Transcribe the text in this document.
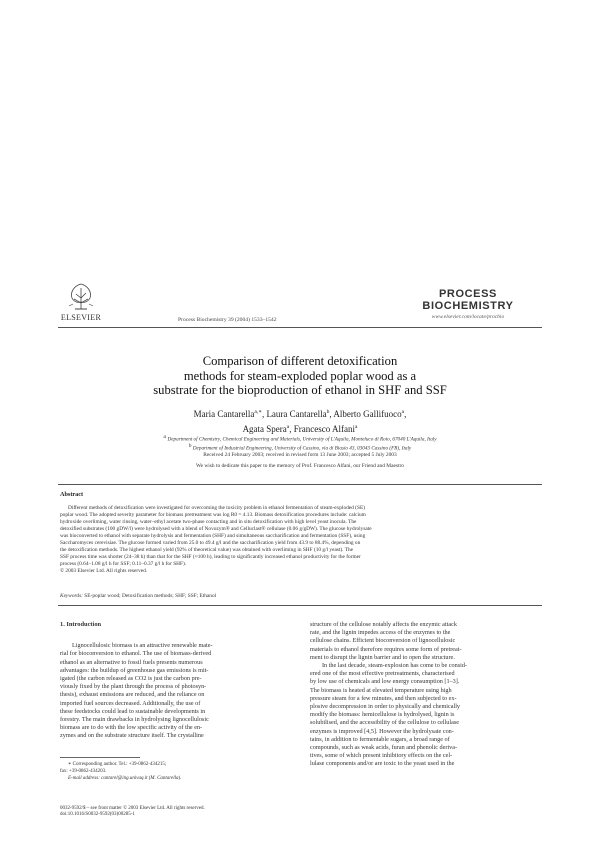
ELSEVIER	Process Biochemistry 39 (2004) 1533–1542
PROCESS
BIOCHEMISTRY
www.elsevier.com/locate/procbio
Comparison of different detoxification
methods for steam-exploded poplar wood as a
substrate for the bioproduction of ethanol in SHF and SSF
Maria Cantarella$^{a,∗}$, Laura Cantarella$^b$, Alberto Gallifuoco$^a$,
Agata Spera$^a$, Francesco Alfani$^a$
$^a$ Department of Chemistry, Chemical Engineering and Materials, University of L'Aquila, Monteluco di Roio, 67040 L'Aquila, Italy
$^b$ Department of Industrial Engineering, University of Cassino, via di Biasio 43, 03043 Cassino (FR), Italy
Received 24 February 2003; received in revised form 13 June 2003; accepted 5 July 2003
We wish to dedicate this paper to the memory of Prof. Francesco Alfani, our Friend and Maestro
Abstract
Different methods of detoxification were investigated for overcoming the toxicity problem in ethanol fermentation of steam-exploded (SE)
poplar wood. The adopted severity parameter for biomass pretreatment was log R0 = 4.13. Biomass detoxification procedures include: calcium
hydroxide overliming, water rinsing, water–ethyl acetate two-phase contacting and in situ detoxification with high level yeast inocula. The
detoxified substrates (100 gDW/l) were hydrolysed with a blend of Novozym® and Celluclast® cellulase (0.06 g/gDW). The glucose hydrolysate
was bioconverted to ethanol with separate hydrolysis and fermentation (SHF) and simultaneous saccharification and fermentation (SSF), using
Saccharomyces cerevisiae. The glucose formed varied from 25.0 to 49.4 g/l and the saccharification yield from 43.9 to 88.4%, depending on
the detoxification methods. The highest ethanol yield (92% of theoretical value) was obtained with overliming in SHF (10 g/l yeast). The
SSF process time was shorter (24–38 h) than that for the SHF (≈100 h), leading to significantly increased ethanol productivity for the former
process (0.64–1.08 g/l h for SSF; 0.11–0.37 g/l h for SHF).
© 2003 Elsevier Ltd. All rights reserved.
Keywords: SE-poplar wood; Detoxification methods; SHF; SSF; Ethanol
1. Introduction
Lignocellulosic biomass is an attractive renewable mate-
rial for bioconversion to ethanol. The use of biomass-derived
ethanol as an alternative to fossil fuels presents numerous
advantages: the buildup of greenhouse gas emissions is mit-
igated (the carbon released as CO2 is just the carbon pre-
viously fixed by the plant through the process of photosyn-
thesis), exhaust emissions are reduced, and the reliance on
imported fuel sources decreased. Additionally, the use of
these feedstocks could lead to sustainable developments in
forestry. The main drawbacks in hydrolysing lignocellulosic
biomass are to do with the low specific activity of the en-
zymes and on the substrate structure itself. The crystalline
structure of the cellulose notably affects the enzymic attack
rate, and the lignin impedes access of the enzymes to the
cellulose chains. Efficient bioconversion of lignocellulosic
materials to ethanol therefore requires some form of pretreat-
ment to disrupt the lignin barrier and to open the structure.
In the last decade, steam-explosion has come to be consid-
ered one of the most effective pretreatments, characterised
by low use of chemicals and low energy consumption [1–3].
The biomass is heated at elevated temperature using high
pressure steam for a few minutes, and then subjected to ex-
plosive decompression in order to physically and chemically
modify the biomass: hemicellulose is hydrolysed, lignin is
solubilised, and the accessibility of the cellulose to cellulase
enzymes is improved [4,5]. However the hydrolysate con-
tains, in addition to fermentable sugars, a broad range of
compounds, such as weak acids, furan and phenolic deriva-
tives, some of which present inhibitory effects on the cel-
lulase components and/or are toxic to the yeast used in the
∗ Corresponding author. Tel.: +39-0862-434215;
fax: +39-0862-434203.
E-mail address: cantarel@ing.univaq.it (M. Cantarella).
0032-9592/$ – see front matter © 2003 Elsevier Ltd. All rights reserved.
doi:10.1016/S0032-9592(03)00285-1
